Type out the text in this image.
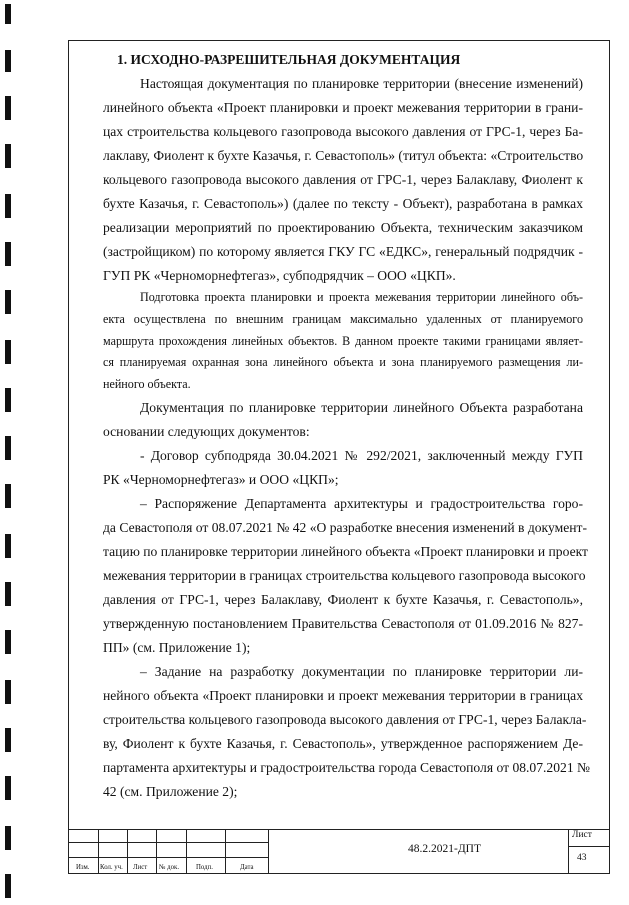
1. ИСХОДНО-РАЗРЕШИТЕЛЬНАЯ ДОКУМЕНТАЦИЯ
Настоящая документация по планировке территории (внесение изменений)
линейного объекта «Проект планировки и проект межевания территории в грани-
цах строительства кольцевого газопровода высокого давления от ГРС-1, через Ба-
лаклаву, Фиолент к бухте Казачья, г. Севастополь» (титул объекта: «Строительство
кольцевого газопровода высокого давления от ГРС-1, через Балаклаву, Фиолент к
бухте Казачья, г. Севастополь») (далее по тексту - Объект), разработана в рамках
реализации мероприятий по проектированию Объекта, техническим заказчиком
(застройщиком) по которому является ГКУ ГС «ЕДКС», генеральный подрядчик -
ГУП РК «Черноморнефтегаз», субподрядчик – ООО «ЦКП».
Подготовка проекта планировки и проекта межевания территории линейного объ-
екта осуществлена по внешним границам максимально удаленных от планируемого
маршрута прохождения линейных объектов. В данном проекте такими границами являет-
ся планируемая охранная зона линейного объекта и зона планируемого размещения ли-
нейного объекта.
Документация по планировке территории линейного Объекта разработана
основании следующих документов:
- Договор субподряда 30.04.2021 № 292/2021, заключенный между ГУП
РК «Черноморнефтегаз» и ООО «ЦКП»;
– Распоряжение Департамента архитектуры и градостроительства горо-
да Севастополя от 08.07.2021 № 42 «О разработке внесения изменений в документ-
тацию по планировке территории линейного объекта «Проект планировки и проект
межевания территории в границах строительства кольцевого газопровода высокого
давления от ГРС-1, через Балаклаву, Фиолент к бухте Казачья, г. Севастополь»,
утвержденную постановлением Правительства Севастополя от 01.09.2016 № 827-
ПП» (см. Приложение 1);
– Задание на разработку документации по планировке территории ли-
нейного объекта «Проект планировки и проект межевания территории в границах
строительства кольцевого газопровода высокого давления от ГРС-1, через Балакла-
ву, Фиолент к бухте Казачья, г. Севастополь», утвержденное распоряжением Де-
партамента архитектуры и градостроительства города Севастополя от 08.07.2021 №
42 (см. Приложение 2);
Изм. Кол. уч. Лист № док. Подп.	Дата
48.2.2021-ДПТ
Лист
43
